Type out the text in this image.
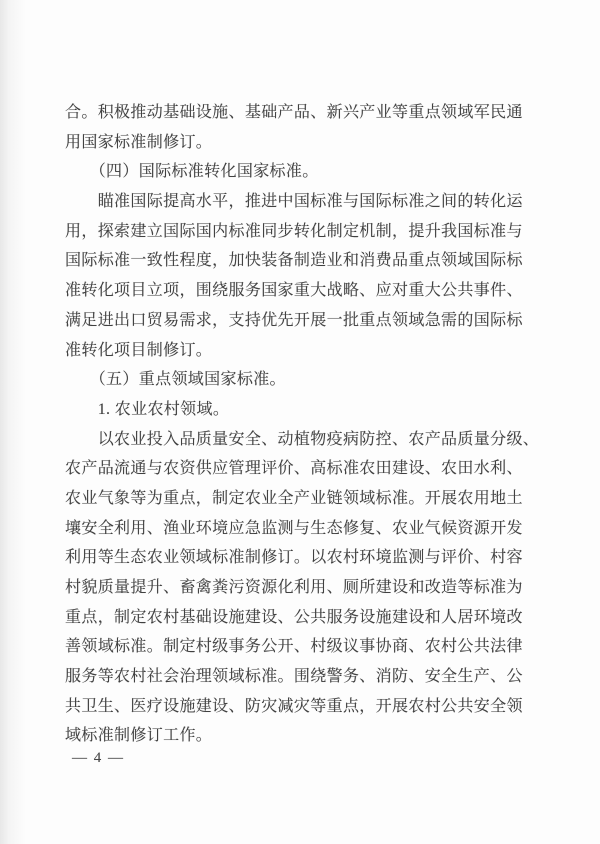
合。积极推动基础设施、基础产品、新兴产业等重点领域军民通
用国家标准制修订。
　　（四）国际标准转化国家标准。
　　瞄准国际提高水平，推进中国标准与国际标准之间的转化运
用，探索建立国际国内标准同步转化制定机制，提升我国标准与
国际标准一致性程度，加快装备制造业和消费品重点领域国际标
准转化项目立项，围绕服务国家重大战略、应对重大公共事件、
满足进出口贸易需求，支持优先开展一批重点领域急需的国际标
准转化项目制修订。
　　（五）重点领域国家标准。
　　1. 农业农村领域。
　　以农业投入品质量安全、动植物疫病防控、农产品质量分级、
农产品流通与农资供应管理评价、高标准农田建设、农田水利、
农业气象等为重点，制定农业全产业链领域标准。开展农用地土
壤安全利用、渔业环境应急监测与生态修复、农业气候资源开发
利用等生态农业领域标准制修订。以农村环境监测与评价、村容
村貌质量提升、畜禽粪污资源化利用、厕所建设和改造等标准为
重点，制定农村基础设施建设、公共服务设施建设和人居环境改
善领域标准。制定村级事务公开、村级议事协商、农村公共法律
服务等农村社会治理领域标准。围绕警务、消防、安全生产、公
共卫生、医疗设施建设、防灾减灾等重点，开展农村公共安全领
域标准制修订工作。
— 4 —
